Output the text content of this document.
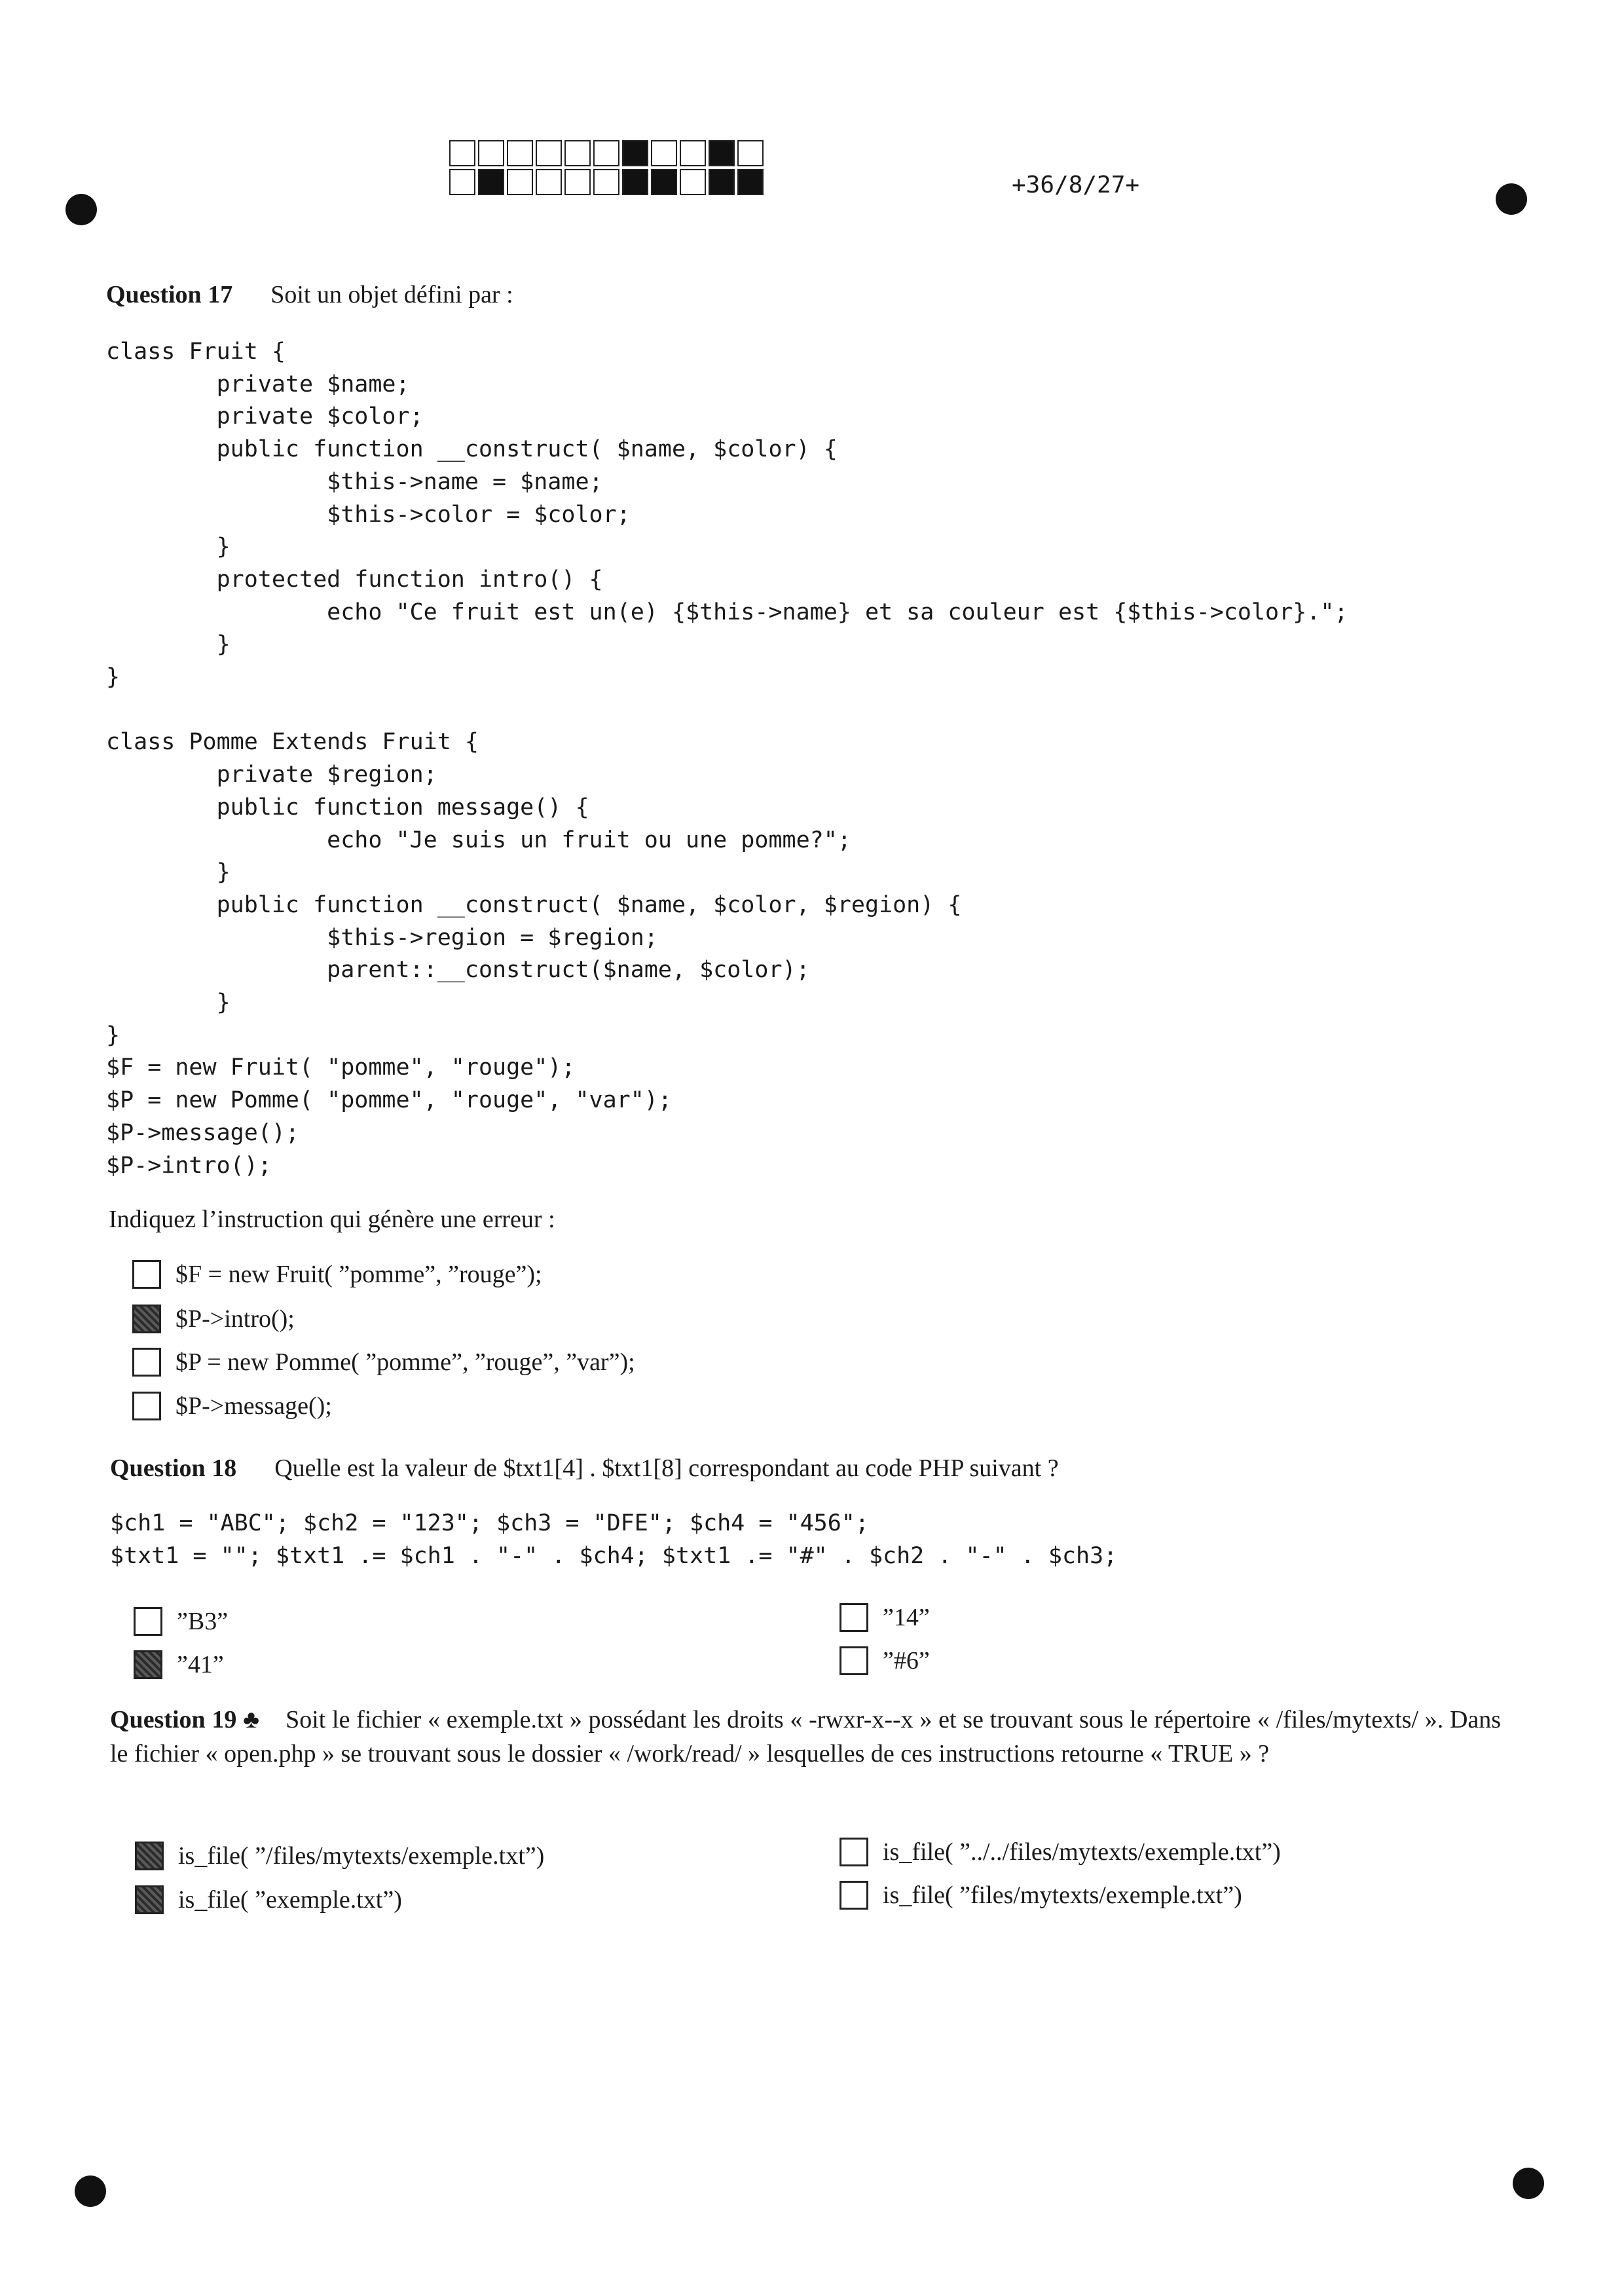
+36/8/27+
Question 17 Soit un objet défini par :
class Fruit {
private $name;
private $color;
public function __construct( $name, $color) {
$this->name = $name;
$this->color = $color;
}
protected function intro() {
echo "Ce fruit est un(e) {$this->name} et sa couleur est {$this->color}.";
}
}

class Pomme Extends Fruit {
private $region;
public function message() {
echo "Je suis un fruit ou une pomme?";
}
public function __construct( $name, $color, $region) {
$this->region = $region;
parent::__construct($name, $color);
}
}
$F = new Fruit( "pomme", "rouge");
$P = new Pomme( "pomme", "rouge", "var");
$P->message();
$P->intro();
Indiquez l’instruction qui génère une erreur :
$F = new Fruit( ”pomme”, ”rouge”);
$P->intro();
$P = new Pomme( ”pomme”, ”rouge”, ”var”);
$P->message();
Question 18 Quelle est la valeur de $txt1[4] . $txt1[8] correspondant au code PHP suivant ?
$ch1 = "ABC"; $ch2 = "123"; $ch3 = "DFE"; $ch4 = "456";
$txt1 = ""; $txt1 .= $ch1 . "-" . $ch4; $txt1 .= "#" . $ch2 . "-" . $ch3;
”B3”
”41”
”14”
”#6”
Question 19 ♣ Soit le fichier « exemple.txt » possédant les droits « -rwxr-x--x » et se trouvant sous le répertoire « /files/mytexts/ ». Dans le fichier « open.php » se trouvant sous le dossier « /work/read/ » lesquelles de ces instructions retourne « TRUE » ?
is_file( ”/files/mytexts/exemple.txt”)
is_file( ”exemple.txt”)
is_file( ”../../files/mytexts/exemple.txt”)
is_file( ”files/mytexts/exemple.txt”)
